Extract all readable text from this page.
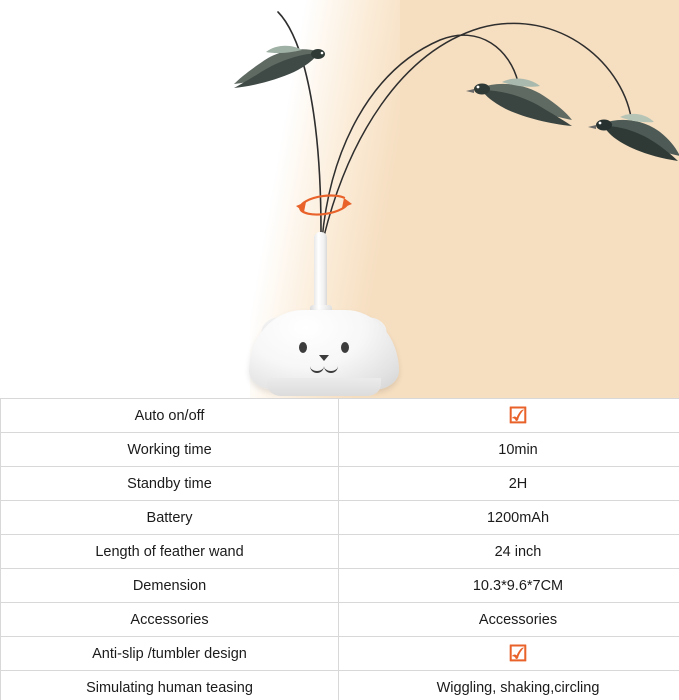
Auto on/off	☑
Working time	10min
Standby time	2H
Battery	1200mAh
Length of feather wand	24 inch
Demension	10.3*9.6*7CM
Accessories	Accessories
Anti-slip /tumbler design	☑
Simulating human teasing	Wiggling, shaking,circling
